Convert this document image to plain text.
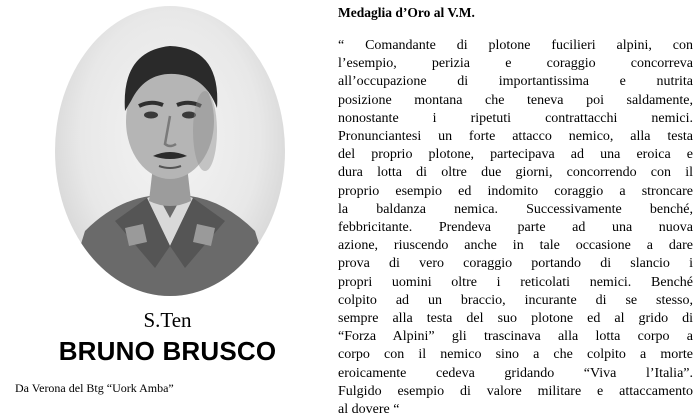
S.Ten
BRUNO BRUSCO
Da Verona del Btg “Uork Amba”

Medaglia d’Oro al V.M.

“ Comandante di plotone fucilieri alpini, con
l’esempio, perizia e coraggio concorreva
all’occupazione di importantissima e nutrita
posizione montana che teneva poi saldamente,
nonostante i ripetuti contrattacchi nemici.
Pronunciantesi un forte attacco nemico, alla testa
del proprio plotone, partecipava ad una eroica e
dura lotta di oltre due giorni, concorrendo con il
proprio esempio ed indomito coraggio a stroncare
la baldanza nemica. Successivamente benché,
febbricitante. Prendeva parte ad una nuova
azione, riuscendo anche in tale occasione a dare
prova di vero coraggio portando di slancio i
propri uomini oltre i reticolati nemici. Benché
colpito ad un braccio, incurante di se stesso,
sempre alla testa del suo plotone ed al grido di
“Forza Alpini” gli trascinava alla lotta corpo a
corpo con il nemico sino a che colpito a morte
eroicamente cedeva gridando “Viva l’Italia”.
Fulgido esempio di valore militare e attaccamento
al dovere “
